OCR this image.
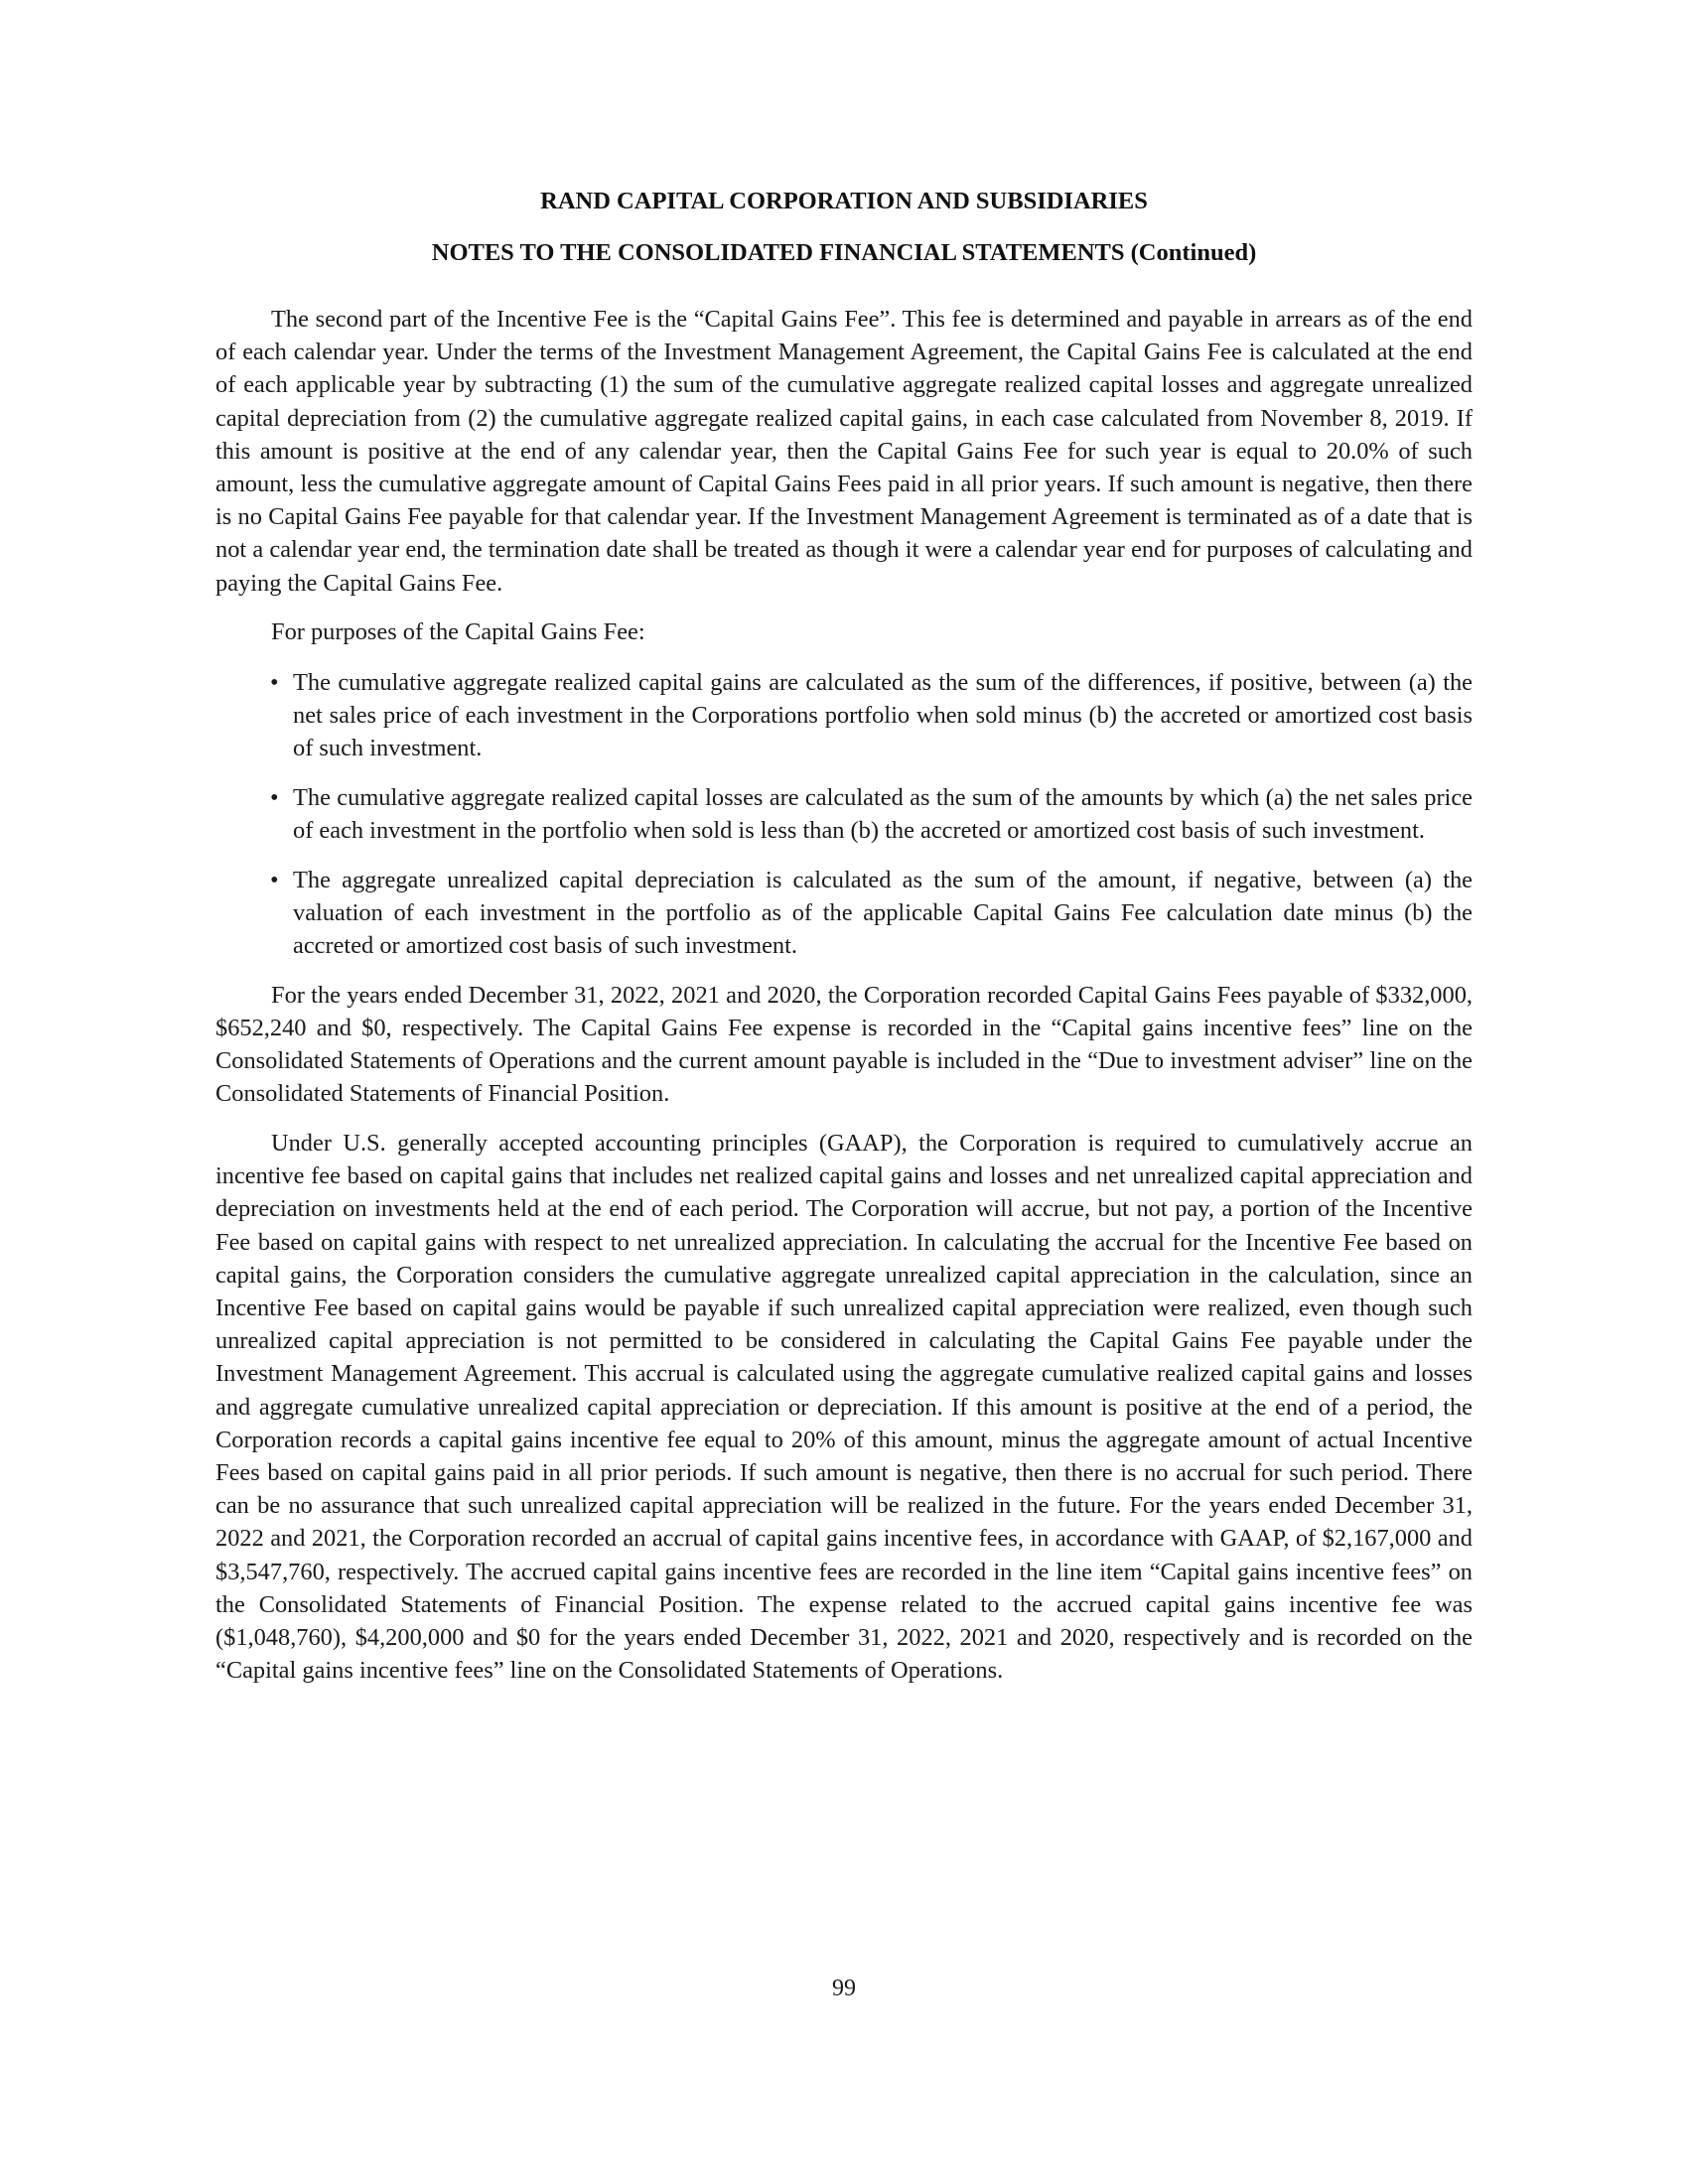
RAND CAPITAL CORPORATION AND SUBSIDIARIES
NOTES TO THE CONSOLIDATED FINANCIAL STATEMENTS (Continued)

The second part of the Incentive Fee is the “Capital Gains Fee”. This fee is determined and payable in arrears as of the end of each calendar year. Under the terms of the Investment Management Agreement, the Capital Gains Fee is calculated at the end of each applicable year by subtracting (1) the sum of the cumulative aggregate realized capital losses and aggregate unrealized capital depreciation from (2) the cumulative aggregate realized capital gains, in each case calculated from November 8, 2019. If this amount is positive at the end of any calendar year, then the Capital Gains Fee for such year is equal to 20.0% of such amount, less the cumulative aggregate amount of Capital Gains Fees paid in all prior years. If such amount is negative, then there is no Capital Gains Fee payable for that calendar year. If the Investment Management Agreement is terminated as of a date that is not a calendar year end, the termination date shall be treated as though it were a calendar year end for purposes of calculating and paying the Capital Gains Fee.

For purposes of the Capital Gains Fee:

• The cumulative aggregate realized capital gains are calculated as the sum of the differences, if positive, between (a) the net sales price of each investment in the Corporations portfolio when sold minus (b) the accreted or amortized cost basis of such investment.
• The cumulative aggregate realized capital losses are calculated as the sum of the amounts by which (a) the net sales price of each investment in the portfolio when sold is less than (b) the accreted or amortized cost basis of such investment.
• The aggregate unrealized capital depreciation is calculated as the sum of the amount, if negative, between (a) the valuation of each investment in the portfolio as of the applicable Capital Gains Fee calculation date minus (b) the accreted or amortized cost basis of such investment.

For the years ended December 31, 2022, 2021 and 2020, the Corporation recorded Capital Gains Fees payable of $332,000, $652,240 and $0, respectively. The Capital Gains Fee expense is recorded in the “Capital gains incentive fees” line on the Consolidated Statements of Operations and the current amount payable is included in the “Due to investment adviser” line on the Consolidated Statements of Financial Position.

Under U.S. generally accepted accounting principles (GAAP), the Corporation is required to cumulatively accrue an incentive fee based on capital gains that includes net realized capital gains and losses and net unrealized capital appreciation and depreciation on investments held at the end of each period. The Corporation will accrue, but not pay, a portion of the Incentive Fee based on capital gains with respect to net unrealized appreciation. In calculating the accrual for the Incentive Fee based on capital gains, the Corporation considers the cumulative aggregate unrealized capital appreciation in the calculation, since an Incentive Fee based on capital gains would be payable if such unrealized capital appreciation were realized, even though such unrealized capital appreciation is not permitted to be considered in calculating the Capital Gains Fee payable under the Investment Management Agreement. This accrual is calculated using the aggregate cumulative realized capital gains and losses and aggregate cumulative unrealized capital appreciation or depreciation. If this amount is positive at the end of a period, the Corporation records a capital gains incentive fee equal to 20% of this amount, minus the aggregate amount of actual Incentive Fees based on capital gains paid in all prior periods. If such amount is negative, then there is no accrual for such period. There can be no assurance that such unrealized capital appreciation will be realized in the future. For the years ended December 31, 2022 and 2021, the Corporation recorded an accrual of capital gains incentive fees, in accordance with GAAP, of $2,167,000 and $3,547,760, respectively. The accrued capital gains incentive fees are recorded in the line item “Capital gains incentive fees” on the Consolidated Statements of Financial Position. The expense related to the accrued capital gains incentive fee was ($1,048,760), $4,200,000 and $0 for the years ended December 31, 2022, 2021 and 2020, respectively and is recorded on the “Capital gains incentive fees” line on the Consolidated Statements of Operations.

99
